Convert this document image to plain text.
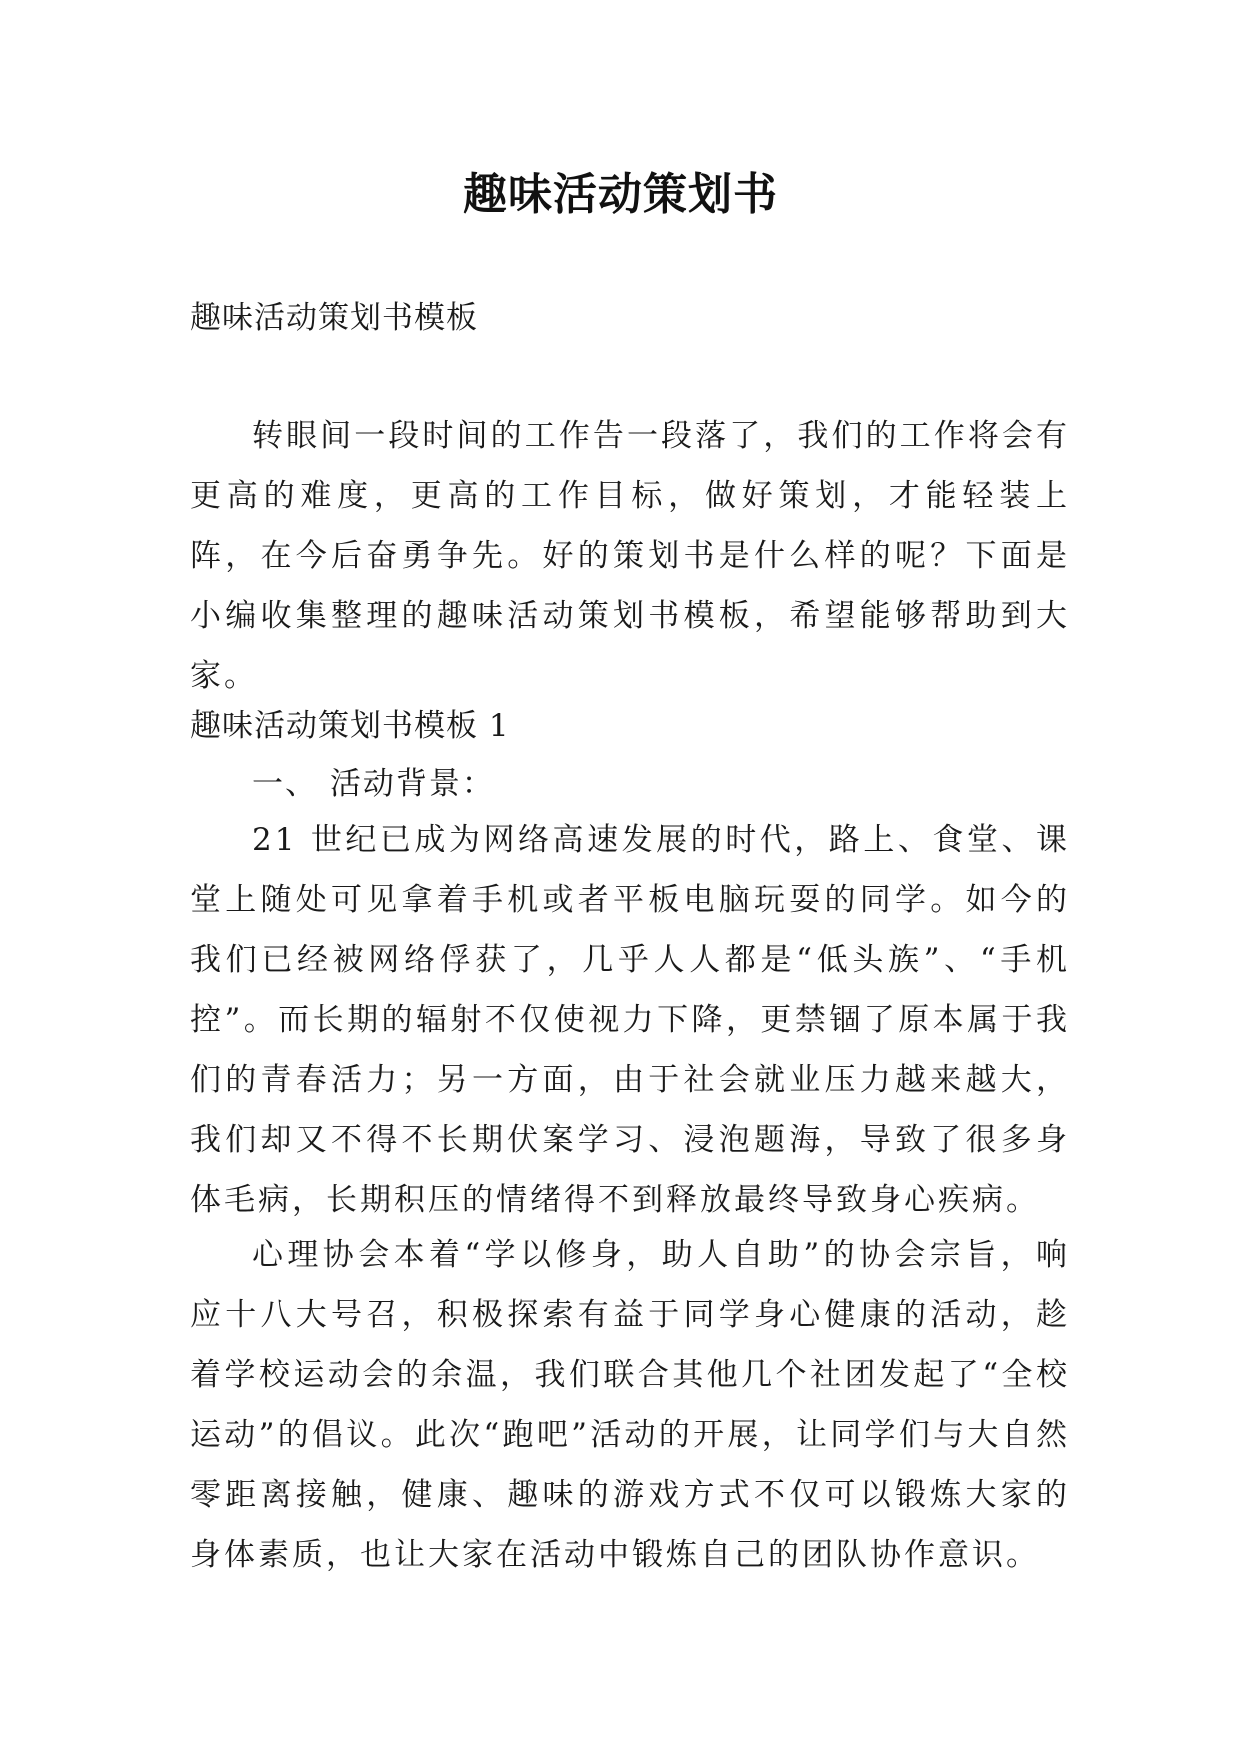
趣味活动策划书
趣味活动策划书模板

转眼间一段时间的工作告一段落了，我们的工作将会有更高的难度，更高的工作目标，做好策划，才能轻装上阵，在今后奋勇争先。好的策划书是什么样的呢？下面是小编收集整理的趣味活动策划书模板，希望能够帮助到大家。

趣味活动策划书模板 1
一、 活动背景：

21 世纪已成为网络高速发展的时代，路上、食堂、课堂上随处可见拿着手机或者平板电脑玩耍的同学。如今的我们已经被网络俘获了，几乎人人都是“低头族”、“手机控”。而长期的辐射不仅使视力下降，更禁锢了原本属于我们的青春活力；另一方面，由于社会就业压力越来越大，我们却又不得不长期伏案学习、浸泡题海，导致了很多身体毛病，长期积压的情绪得不到释放最终导致身心疾病。

心理协会本着“学以修身，助人自助”的协会宗旨，响应十八大号召，积极探索有益于同学身心健康的活动，趁着学校运动会的余温，我们联合其他几个社团发起了“全校运动”的倡议。此次“跑吧”活动的开展，让同学们与大自然零距离接触，健康、趣味的游戏方式不仅可以锻炼大家的身体素质，也让大家在活动中锻炼自己的团队协作意识。
